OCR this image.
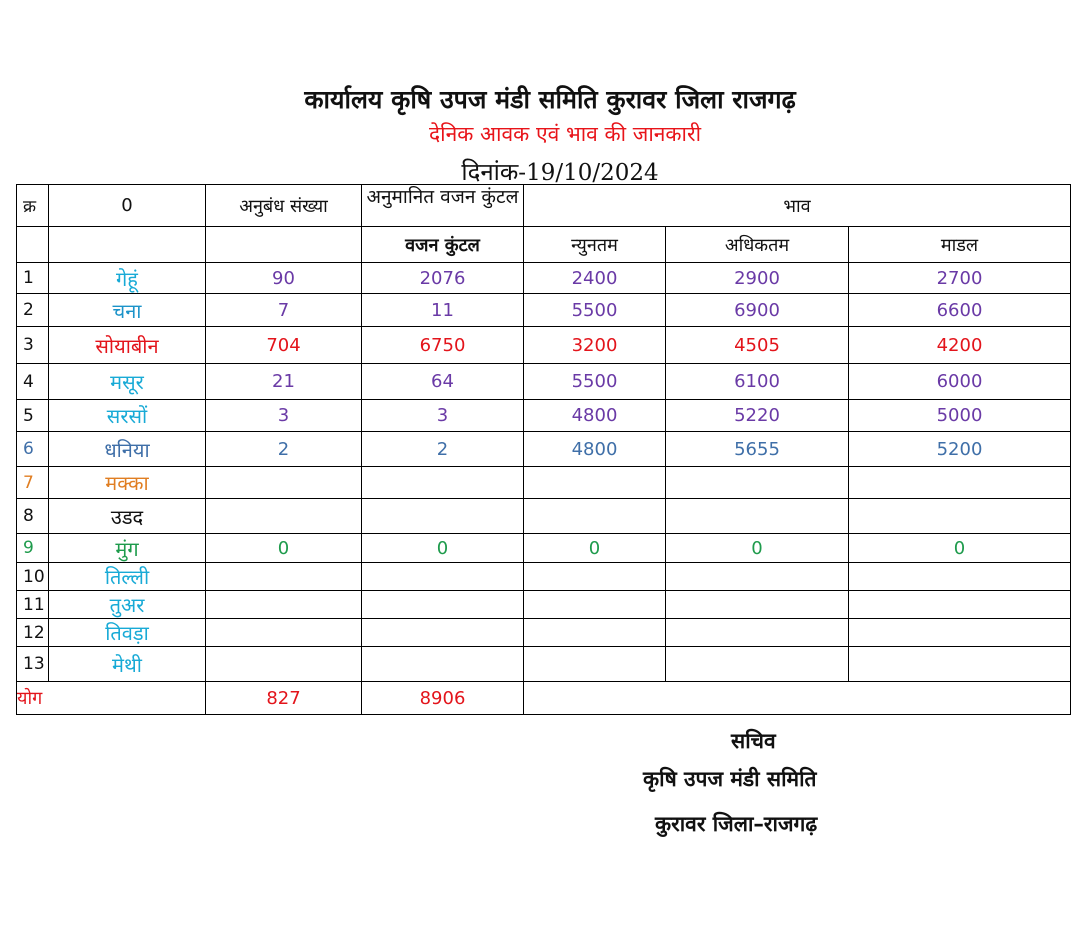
कार्यालय कृषि उपज मंडी समिति कुरावर जिला राजगढ़
देनिक आवक एवं भाव की जानकारी
दिनांक-19/10/2024
क्र	0	अनुबंध संख्या	अनुमानित वजन कुंटल	भाव		
			वजन कुंटल	न्युनतम	अधिकतम	माडल
1	गेहूं	90	2076	2400	2900	2700
2	चना	7	11	5500	6900	6600
3	सोयाबीन	704	6750	3200	4505	4200
4	मसूर	21	64	5500	6100	6000
5	सरसों	3	3	4800	5220	5000
6	धनिया	2	2	4800	5655	5200
7	मक्का					
8	उडद					
9	मुंग	0	0	0	0	0
10	तिल्ली					
11	तुअर					
12	तिवड़ा					
13	मेथी					
योग		827	8906			
सचिव
कृषि उपज मंडी समिति
कुरावर जिला–राजगढ़
